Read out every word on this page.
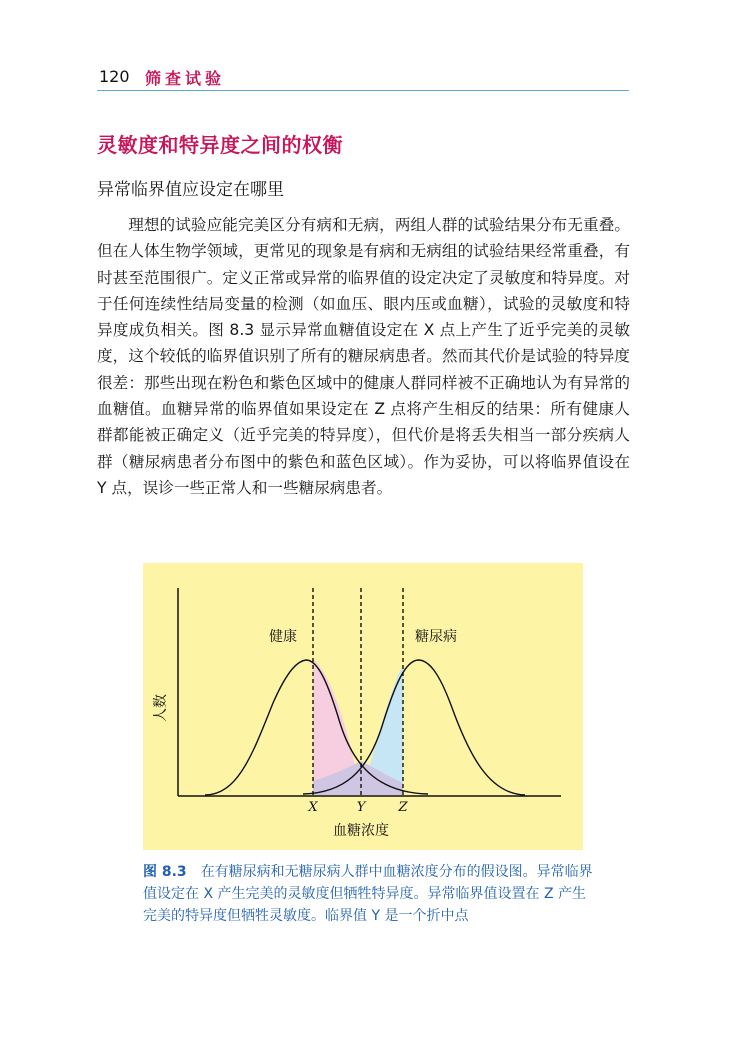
120 筛查试验
灵敏度和特异度之间的权衡
异常临界值应设定在哪里

理想的试验应能完美区分有病和无病，两组人群的试验结果分布无重叠。但在人体生物学领域，更常见的现象是有病和无病组的试验结果经常重叠，有时甚至范围很广。定义正常或异常的临界值的设定决定了灵敏度和特异度。对于任何连续性结局变量的检测（如血压、眼内压或血糖），试验的灵敏度和特异度成负相关。图 8.3 显示异常血糖值设定在 X 点上产生了近乎完美的灵敏度，这个较低的临界值识别了所有的糖尿病患者。然而其代价是试验的特异度很差：那些出现在粉色和紫色区域中的健康人群同样被不正确地认为有异常的血糖值。血糖异常的临界值如果设定在 Z 点将产生相反的结果：所有健康人群都能被正确定义（近乎完美的特异度），但代价是将丢失相当一部分疾病人群（糖尿病患者分布图中的紫色和蓝色区域）。作为妥协，可以将临界值设在 Y 点，误诊一些正常人和一些糖尿病患者。

健康	糖尿病
人数
血糖浓度
X	Y	Z

图 8.3 在有糖尿病和无糖尿病人群中血糖浓度分布的假设图。异常临界值设定在 X 产生完美的灵敏度但牺牲特异度。异常临界值设置在 Z 产生完美的特异度但牺牲灵敏度。临界值 Y 是一个折中点
